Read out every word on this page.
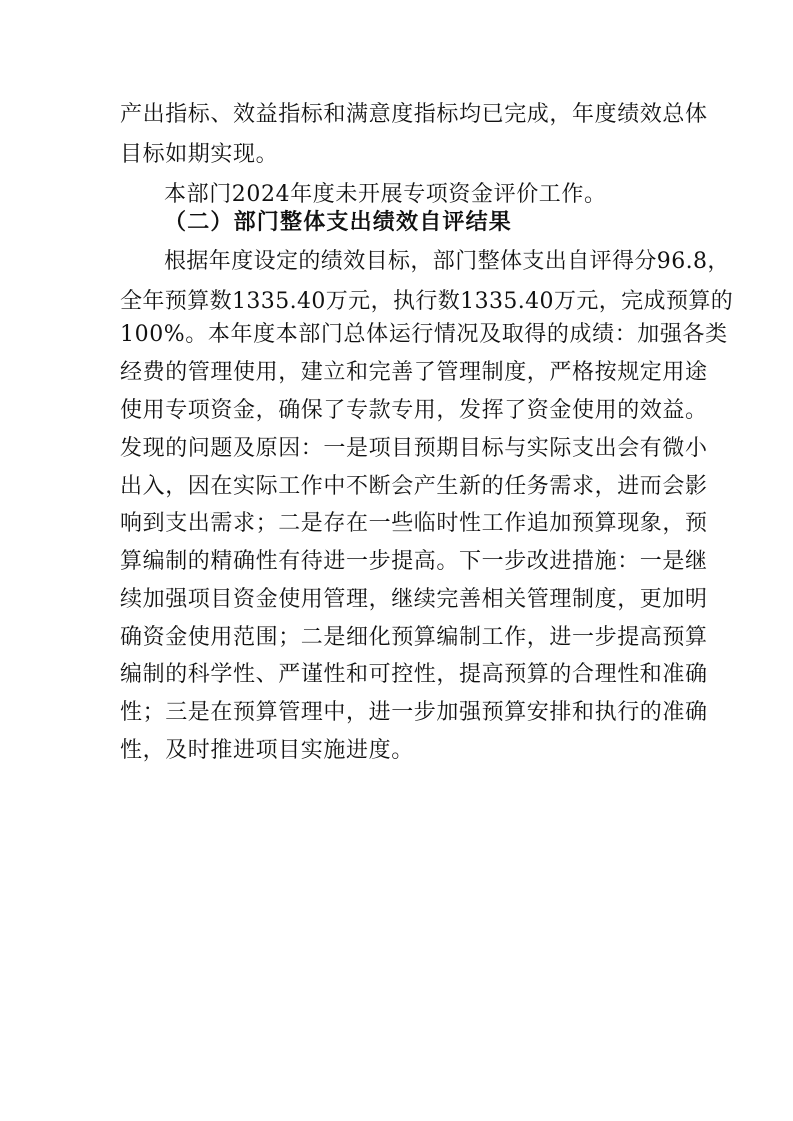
产出指标、效益指标和满意度指标均已完成，年度绩效总体
目标如期实现。
本部门2024年度未开展专项资金评价工作。
（二）部门整体支出绩效自评结果
根据年度设定的绩效目标，部门整体支出自评得分96.8，
全年预算数1335.40万元，执行数1335.40万元，完成预算的
100%。本年度本部门总体运行情况及取得的成绩：加强各类
经费的管理使用，建立和完善了管理制度，严格按规定用途
使用专项资金，确保了专款专用，发挥了资金使用的效益。
发现的问题及原因：一是项目预期目标与实际支出会有微小
出入，因在实际工作中不断会产生新的任务需求，进而会影
响到支出需求；二是存在一些临时性工作追加预算现象，预
算编制的精确性有待进一步提高。下一步改进措施：一是继
续加强项目资金使用管理，继续完善相关管理制度，更加明
确资金使用范围；二是细化预算编制工作，进一步提高预算
编制的科学性、严谨性和可控性，提高预算的合理性和准确
性；三是在预算管理中，进一步加强预算安排和执行的准确
性，及时推进项目实施进度。
